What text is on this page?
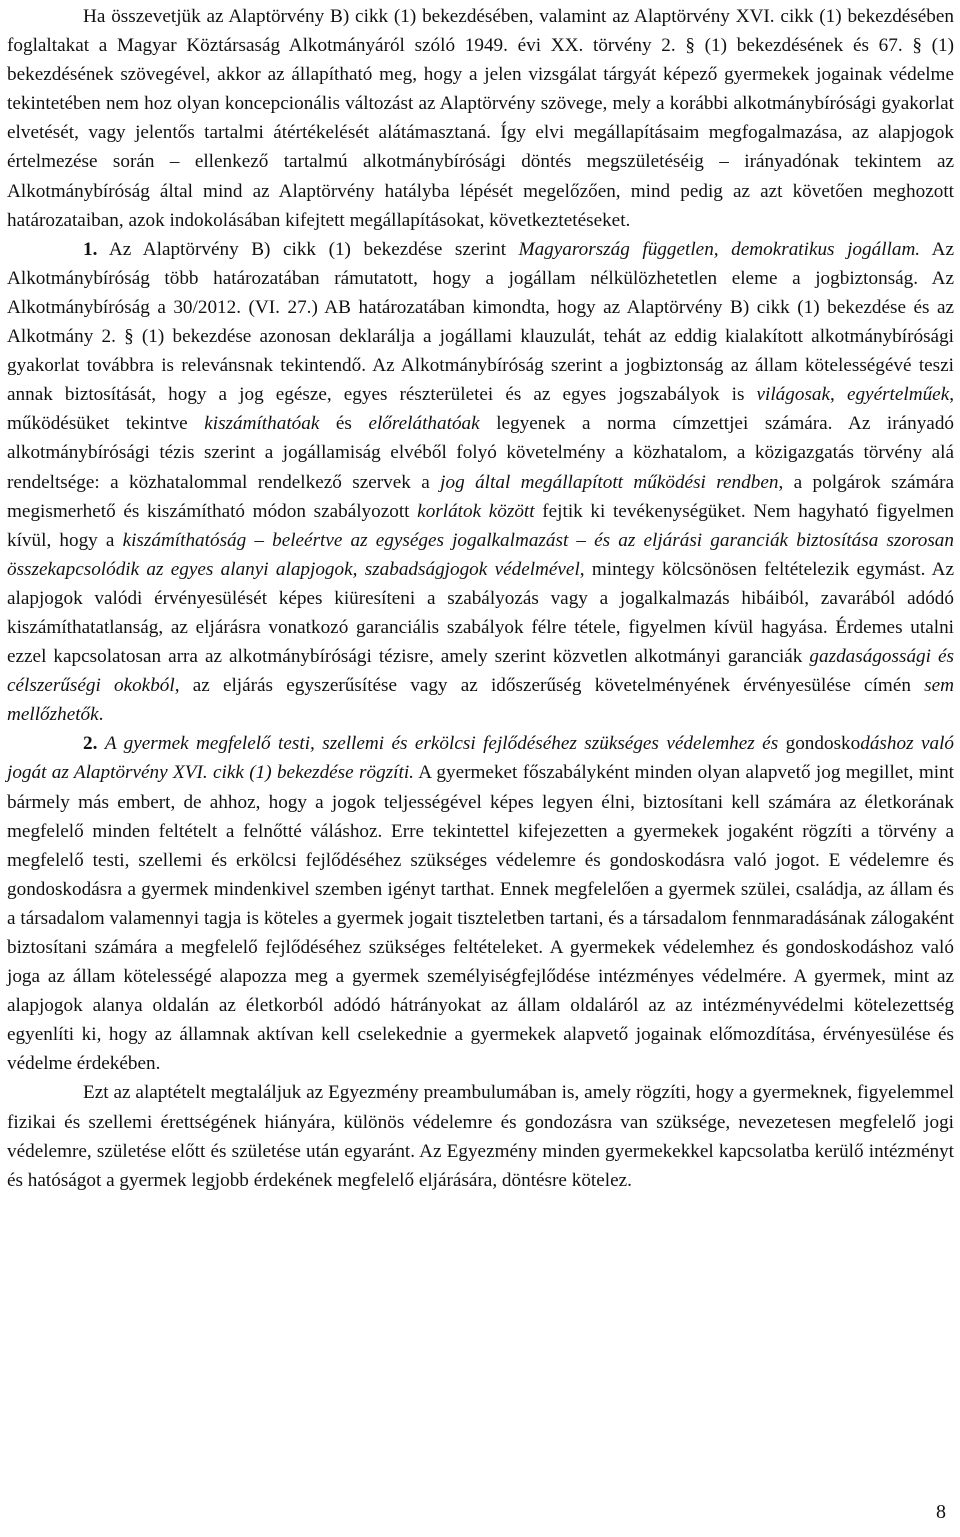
Ha összevetjük az Alaptörvény B) cikk (1) bekezdésében, valamint az Alaptörvény XVI. cikk (1) bekezdésében foglaltakat a Magyar Köztársaság Alkotmányáról szóló 1949. évi XX. törvény 2. § (1) bekezdésének és 67. § (1) bekezdésének szövegével, akkor az állapítható meg, hogy a jelen vizsgálat tárgyát képező gyermekek jogainak védelme tekintetében nem hoz olyan koncepcionális változást az Alaptörvény szövege, mely a korábbi alkotmánybírósági gyakorlat elvetését, vagy jelentős tartalmi átértékelését alátámasztaná. Így elvi megállapításaim megfogalmazása, az alapjogok értelmezése során – ellenkező tartalmú alkotmánybírósági döntés megszületéséig – irányadónak tekintem az Alkotmánybíróság által mind az Alaptörvény hatályba lépését megelőzően, mind pedig az azt követően meghozott határozataiban, azok indokolásában kifejtett megállapításokat, következtetéseket.

1. Az Alaptörvény B) cikk (1) bekezdése szerint Magyarország független, demokratikus jogállam. Az Alkotmánybíróság több határozatában rámutatott, hogy a jogállam nélkülözhetetlen eleme a jogbiztonság. Az Alkotmánybíróság a 30/2012. (VI. 27.) AB határozatában kimondta, hogy az Alaptörvény B) cikk (1) bekezdése és az Alkotmány 2. § (1) bekezdése azonosan deklarálja a jogállami klauzulát, tehát az eddig kialakított alkotmánybírósági gyakorlat továbbra is relevánsnak tekintendő. Az Alkotmánybíróság szerint a jogbiztonság az állam kötelességévé teszi annak biztosítását, hogy a jog egésze, egyes részterületei és az egyes jogszabályok is világosak, egyértelműek, működésüket tekintve kiszámíthatóak és előreláthatóak legyenek a norma címzettjei számára. Az irányadó alkotmánybírósági tézis szerint a jogállamiság elvéből folyó követelmény a közhatalom, a közigazgatás törvény alá rendeltsége: a közhatalommal rendelkező szervek a jog által megállapított működési rendben, a polgárok számára megismerhető és kiszámítható módon szabályozott korlátok között fejtik ki tevékenységüket. Nem hagyható figyelmen kívül, hogy a kiszámíthatóság – beleértve az egységes jogalkalmazást – és az eljárási garanciák biztosítása szorosan összekapcsolódik az egyes alanyi alapjogok, szabadságjogok védelmével, mintegy kölcsönösen feltételezik egymást. Az alapjogok valódi érvényesülését képes kiüresíteni a szabályozás vagy a jogalkalmazás hibáiból, zavarából adódó kiszámíthatatlanság, az eljárásra vonatkozó garanciális szabályok félre tétele, figyelmen kívül hagyása. Érdemes utalni ezzel kapcsolatosan arra az alkotmánybírósági tézisre, amely szerint közvetlen alkotmányi garanciák gazdaságossági és célszerűségi okokból, az eljárás egyszerűsítése vagy az időszerűség követelményének érvényesülése címén sem mellőzhetők.

2. A gyermek megfelelő testi, szellemi és erkölcsi fejlődéséhez szükséges védelemhez és gondoskodáshoz való jogát az Alaptörvény XVI. cikk (1) bekezdése rögzíti. A gyermeket főszabályként minden olyan alapvető jog megillet, mint bármely más embert, de ahhoz, hogy a jogok teljességével képes legyen élni, biztosítani kell számára az életkorának megfelelő minden feltételt a felnőtté váláshoz. Erre tekintettel kifejezetten a gyermekek jogaként rögzíti a törvény a megfelelő testi, szellemi és erkölcsi fejlődéséhez szükséges védelemre és gondoskodásra való jogot. E védelemre és gondoskodásra a gyermek mindenkivel szemben igényt tarthat. Ennek megfelelően a gyermek szülei, családja, az állam és a társadalom valamennyi tagja is köteles a gyermek jogait tiszteletben tartani, és a társadalom fennmaradásának zálogaként biztosítani számára a megfelelő fejlődéséhez szükséges feltételeket. A gyermekek védelemhez és gondoskodáshoz való joga az állam kötelességé alapozza meg a gyermek személyiségfejlődése intézményes védelmére. A gyermek, mint az alapjogok alanya oldalán az életkorból adódó hátrányokat az állam oldaláról az az intézményvédelmi kötelezettség egyenlíti ki, hogy az államnak aktívan kell cselekednie a gyermekek alapvető jogainak előmozdítása, érvényesülése és védelme érdekében.

Ezt az alaptételt megtaláljuk az Egyezmény preambulumában is, amely rögzíti, hogy a gyermeknek, figyelemmel fizikai és szellemi érettségének hiányára, különös védelemre és gondozásra van szüksége, nevezetesen megfelelő jogi védelemre, születése előtt és születése után egyaránt. Az Egyezmény minden gyermekekkel kapcsolatba kerülő intézményt és hatóságot a gyermek legjobb érdekének megfelelő eljárására, döntésre kötelez.

8
